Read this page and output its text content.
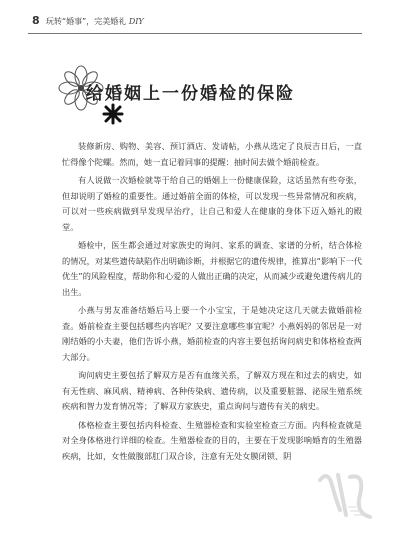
8 玩转“婚事”，完美婚礼 DIY
给婚姻上一份婚检的保险

装修新房、购物、美容、预订酒店、发请帖，小燕从选定了良辰吉日后，一直忙得像个陀螺。然而，她一直记着同事的提醒：抽时间去做个婚前检查。

有人说做一次婚检就等于给自己的婚姻上一份健康保险，这话虽然有些夸张，但却说明了婚检的重要性。通过婚前全面的体检，可以发现一些异常情况和疾病，可以对一些疾病做到早发现早治疗，让自己和爱人在健康的身体下迈入婚礼的殿堂。

婚检中，医生都会通过对家族史的询问、家系的调查、家谱的分析，结合体检的情况，对某些遗传缺陷作出明确诊断，并根据它的遗传规律，推算出“影响下一代优生”的风险程度，帮助你和心爱的人做出正确的决定，从而减少或避免遗传病儿的出生。

小燕与男友准备结婚后马上要一个小宝宝，于是她决定这几天就去做婚前检查。婚前检查主要包括哪些内容呢？又要注意哪些事宜呢？小燕妈妈的邻居是一对刚结婚的小夫妻，他们告诉小燕，婚前检查的内容主要包括询问病史和体格检查两大部分。

询问病史主要包括了解双方是否有血缘关系，了解双方现在和过去的病史，如有无性病、麻风病、精神病、各种传染病、遗传病，以及重要脏器、泌尿生殖系统疾病和智力发育情况等；了解双方家族史，重点询问与遗传有关的病史。

体格检查主要包括内科检查、生殖器检查和实验室检查三方面。内科检查就是对全身体格进行详细的检查。生殖器检查的目的，主要在于发现影响婚育的生殖器疾病，比如，女性做腹部肛门双合诊，注意有无处女膜闭锁、阴
